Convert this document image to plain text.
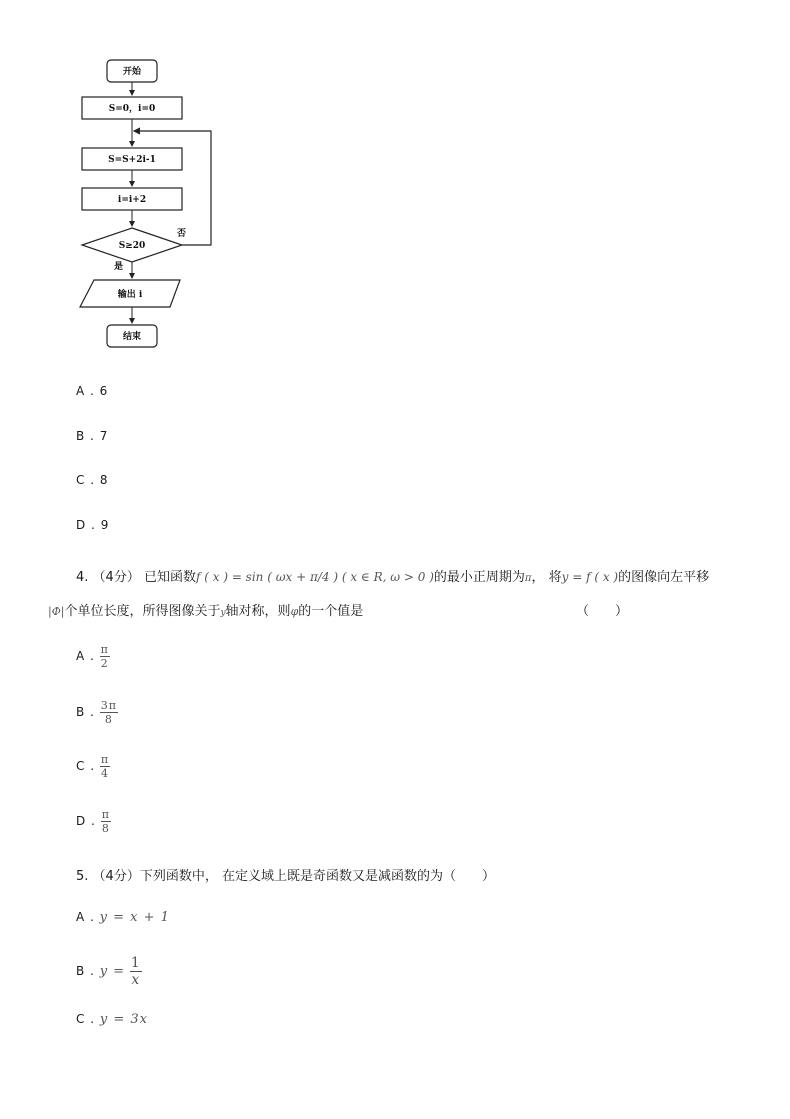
开始
S=0，i=0
S=S+2i-1
i=i+2
S≥20
否
是
输出 i
结束
A . 6
B . 7
C . 8
D . 9
4. （4分） 已知函数f ( x ) = sin ( ωx + π/4 ) ( x ∈ R, ω > 0 )的最小正周期为π， 将y = f ( x )的图像向左平移
|Φ|个单位长度，所得图像关于y轴对称，则φ的一个值是	（　　）
A . $\frac{\pi}{2}$
B . $\frac{3\pi}{8}$
C . $\frac{\pi}{4}$
D . $\frac{\pi}{8}$
5. （4分）下列函数中， 在定义域上既是奇函数又是减函数的为（　　）
A . y = x + 1
B . $y = \frac{1}{x}$
C . y = 3x
